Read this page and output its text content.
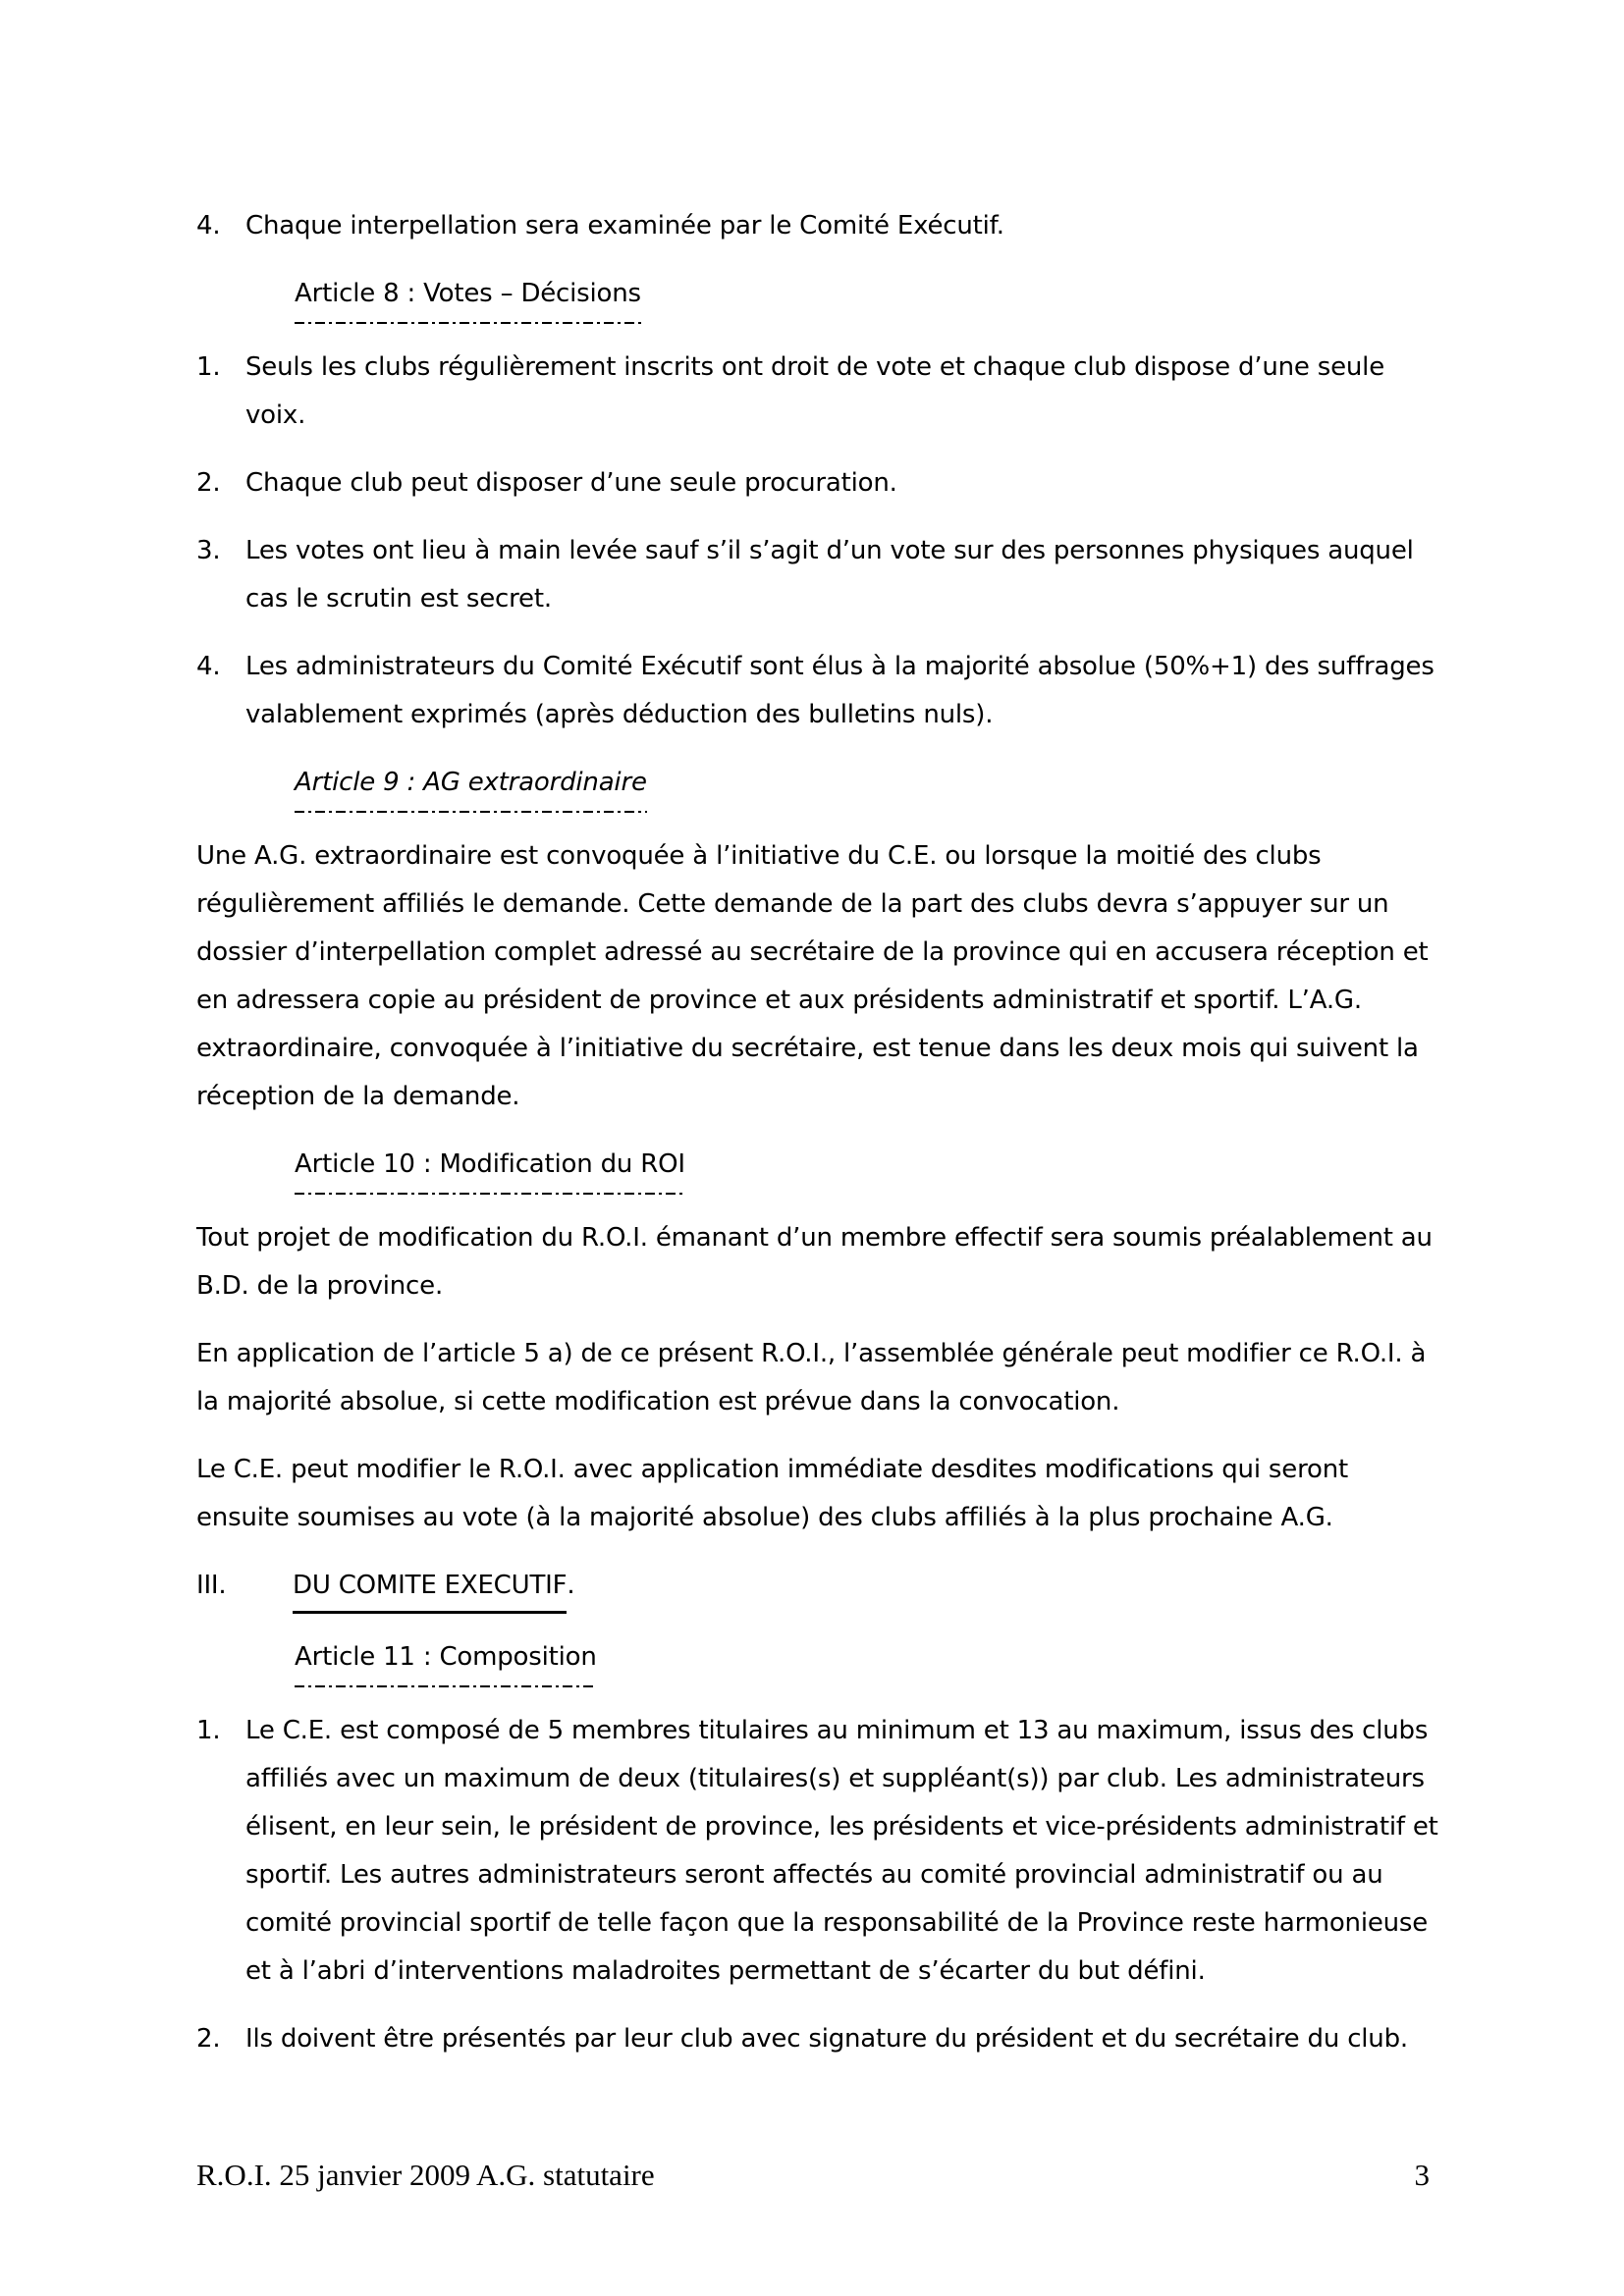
4. Chaque interpellation sera examinée par le Comité Exécutif.
Article 8 : Votes – Décisions
1. Seuls les clubs régulièrement inscrits ont droit de vote et chaque club dispose d’une seule voix.
2. Chaque club peut disposer d’une seule procuration.
3. Les votes ont lieu à main levée sauf s’il s’agit d’un vote sur des personnes physiques auquel cas le scrutin est secret.
4. Les administrateurs du Comité Exécutif sont élus à la majorité absolue (50%+1) des suffrages valablement exprimés (après déduction des bulletins nuls).
Article 9 : AG extraordinaire

Une A.G. extraordinaire est convoquée à l’initiative du C.E. ou lorsque la moitié des clubs régulièrement affiliés le demande. Cette demande de la part des clubs devra s’appuyer sur un dossier d’interpellation complet adressé au secrétaire de la province qui en accusera réception et en adressera copie au président de province et aux présidents administratif et sportif. L’A.G. extraordinaire, convoquée à l’initiative du secrétaire, est tenue dans les deux mois qui suivent la réception de la demande.

Article 10 : Modification du ROI

Tout projet de modification du R.O.I. émanant d’un membre effectif sera soumis préalablement au B.D. de la province.

En application de l’article 5 a) de ce présent R.O.I., l’assemblée générale peut modifier ce R.O.I. à la majorité absolue, si cette modification est prévue dans la convocation.

Le C.E. peut modifier le R.O.I. avec application immédiate desdites modifications qui seront ensuite soumises au vote (à la majorité absolue) des clubs affiliés à la plus prochaine A.G.

III.	DU COMITE EXECUTIF.
Article 11 : Composition
1. Le C.E. est composé de 5 membres titulaires au minimum et 13 au maximum, issus des clubs affiliés avec un maximum de deux (titulaires(s) et suppléant(s)) par club. Les administrateurs élisent, en leur sein, le président de province, les présidents et vice-présidents administratif et sportif. Les autres administrateurs seront affectés au comité provincial administratif ou au comité provincial sportif de telle façon que la responsabilité de la Province reste harmonieuse et à l’abri d’interventions maladroites permettant de s’écarter du but défini.
2. Ils doivent être présentés par leur club avec signature du président et du secrétaire du club.
R.O.I. 25 janvier 2009 A.G. statutaire	3
